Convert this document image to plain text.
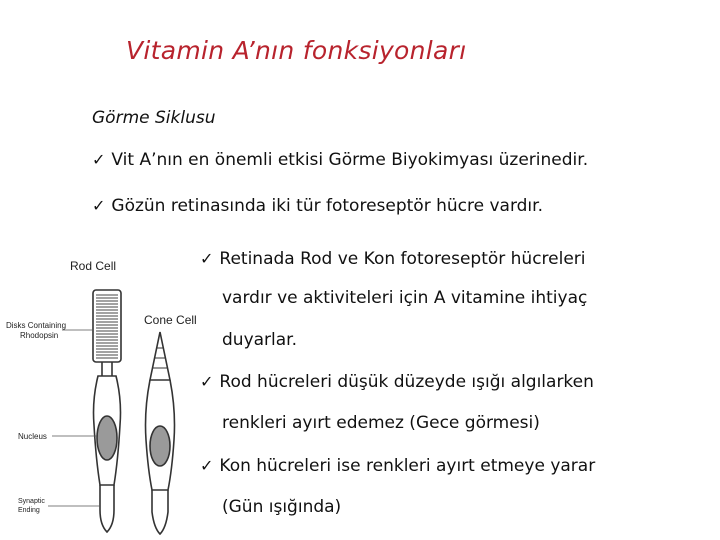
Vitamin A’nın fonksiyonları
Görme Siklusu
✓ Vit A’nın en önemli etkisi Görme Biyokimyası üzerinedir.
✓ Gözün retinasında iki tür fotoreseptör hücre vardır.
✓ Retinada Rod ve Kon fotoreseptör hücreleri
vardır ve aktiviteleri için A vitamine ihtiyaç
duyarlar.
✓ Rod hücreleri düşük düzeyde ışığı algılarken
renkleri ayırt edemez (Gece görmesi)
✓ Kon hücreleri ise renkleri ayırt etmeye yarar
(Gün ışığında)
Rod Cell
Cone Cell
Disks Containing
Rhodopsin
Nucleus
Synaptic
Ending
